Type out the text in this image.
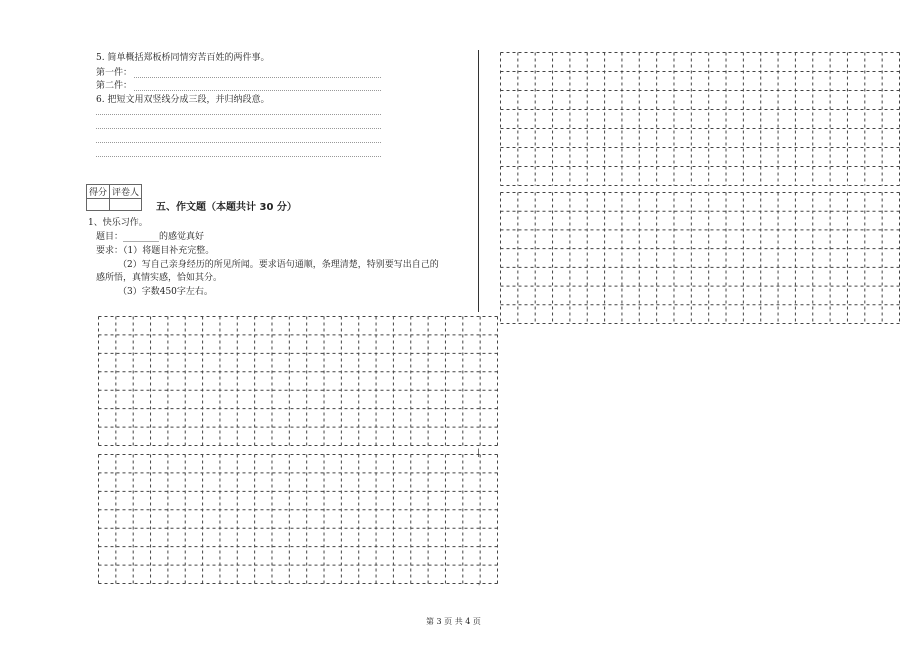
5. 简单概括郑板桥同情穷苦百姓的两件事。
第一件：
第二件：
6. 把短文用双竖线分成三段，并归纳段意。
得分	评卷人

五、作文题（本题共计 30 分）
1、快乐习作。
题目：________的感觉真好
要求：（1）将题目补充完整。
（2）写自己亲身经历的所见所闻。要求语句通顺，条理清楚，特别要写出自己的
感所悟，真情实感，恰如其分。
（3）字数450字左右。
|
'
第 3 页 共 4 页
